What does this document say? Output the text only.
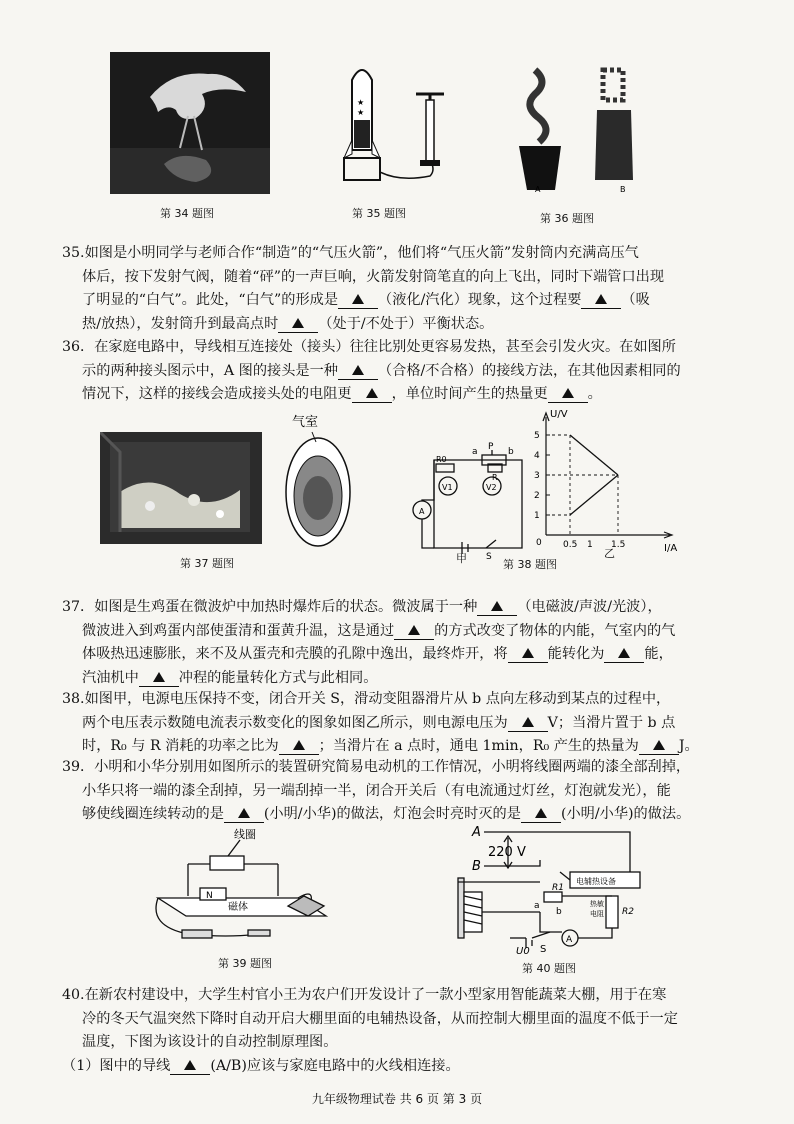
第 34 题图
★
★
第 35 题图
A	B
第 36 题图
35.如图是小明同学与老师合作“制造”的“气压火箭”，他们将“气压火箭”发射筒内充满高压气
体后，按下发射气阀，随着“砰”的一声巨响，火箭发射筒笔直的向上飞出，同时下端管口出现
了明显的“白气”。此处，“白气”的形成是	（液化/汽化）现象，这个过程要	（吸
热/放热），发射筒升到最高点时	（处于/不处于）平衡状态。
36．在家庭电路中，导线相互连接处（接头）往往比别处更容易发热，甚至会引发火灾。在如图所
示的两种接头图示中，A 图的接头是一种	（合格/不合格）的接线方法，在其他因素相同的
情况下，这样的接线会造成接头处的电阻更	，单位时间产生的热量更	。
气室
第 37 题图
P
a	b
R0
R
V1	V2
A
S
甲
5
4
3
2
1
0.5 1 1.5
U/V
I/A
0
乙
第 38 题图
37．如图是生鸡蛋在微波炉中加热时爆炸后的状态。微波属于一种	（电磁波/声波/光波），
微波进入到鸡蛋内部使蛋清和蛋黄升温，这是通过	的方式改变了物体的内能，气室内的气
体吸热迅速膨胀，来不及从蛋壳和壳膜的孔隙中逸出，最终炸开，将	能转化为	能，
汽油机中	冲程的能量转化方式与此相同。
38.如图甲，电源电压保持不变，闭合开关 S，滑动变阻器滑片从 b 点向左移动到某点的过程中，
两个电压表示数随电流表示数变化的图象如图乙所示，则电源电压为	V；当滑片置于 b 点
时，R₀ 与 R 消耗的功率之比为	；当滑片在 a 点时，通电 1min，R₀ 产生的热量为	J。
39．小明和小华分别用如图所示的装置研究简易电动机的工作情况，小明将线圈两端的漆全部刮掉，
小华只将一端的漆全刮掉，另一端刮掉一半，闭合开关后（有电流通过灯丝，灯泡就发光），能
够使线圈连续转动的是	(小明/小华)的做法，灯泡会时亮时灭的是	(小明/小华)的做法。
线圈
N
磁体
第 39 题图
A
B
220 V
电辅热设备
R1
a
b
热敏
电阻 R2
U0 S
A
第 40 题图
40.在新农村建设中，大学生村官小王为农户们开发设计了一款小型家用智能蔬菜大棚，用于在寒
冷的冬天气温突然下降时自动开启大棚里面的电辅热设备，从而控制大棚里面的温度不低于一定
温度，下图为该设计的自动控制原理图。
（1）图中的导线	(A/B)应该与家庭电路中的火线相连接。
九年级物理试卷 共 6 页 第 3 页
